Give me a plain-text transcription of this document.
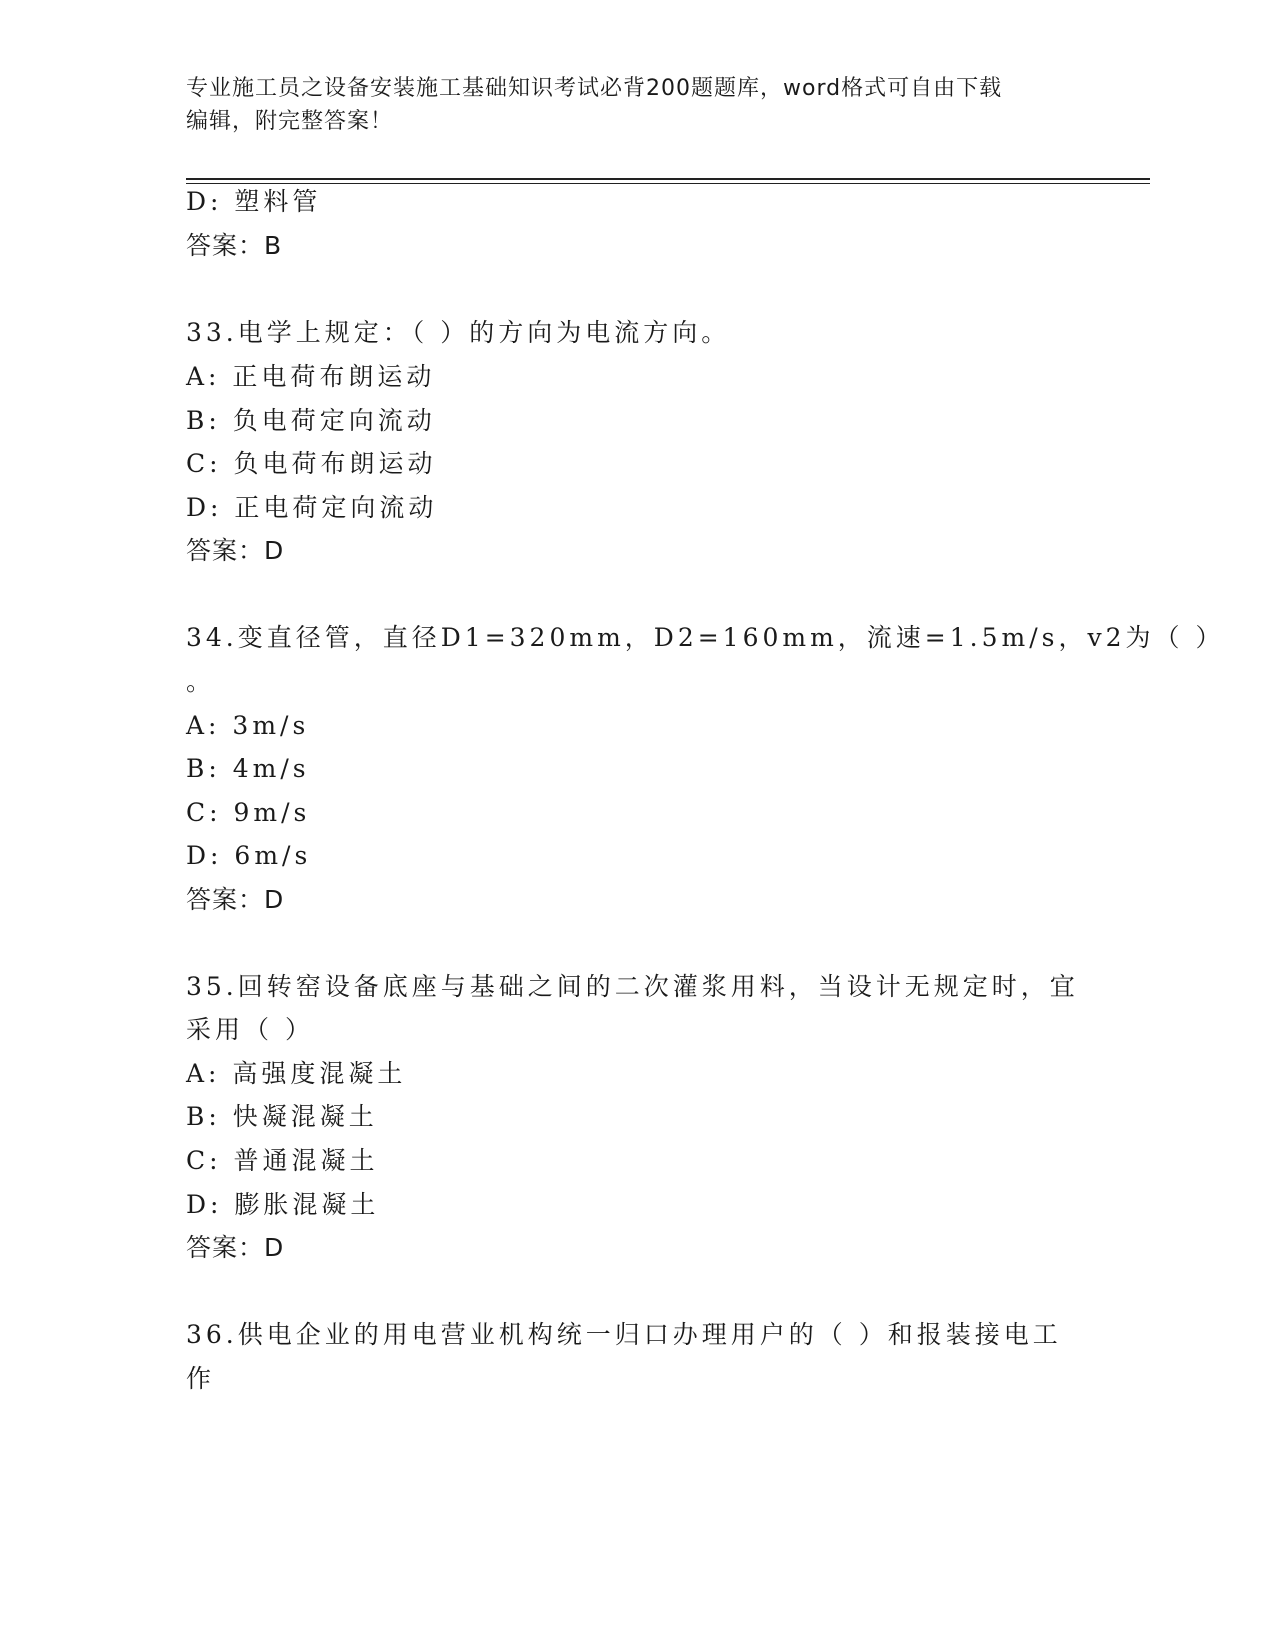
专业施工员之设备安装施工基础知识考试必背200题题库，word格式可自由下载
编辑，附完整答案！
D: 塑料管
答案：B
33.电学上规定：（ ）的方向为电流方向。
A: 正电荷布朗运动
B: 负电荷定向流动
C: 负电荷布朗运动
D: 正电荷定向流动
答案：D
34.变直径管，直径D1=320mm，D2=160mm，流速=1.5m/s，v2为（ ）
。
A: 3m/s
B: 4m/s
C: 9m/s
D: 6m/s
答案：D
35.回转窑设备底座与基础之间的二次灌浆用料，当设计无规定时，宜
采用（ ）
A: 高强度混凝土
B: 快凝混凝土
C: 普通混凝土
D: 膨胀混凝土
答案：D
36.供电企业的用电营业机构统一归口办理用户的（ ）和报装接电工
作
